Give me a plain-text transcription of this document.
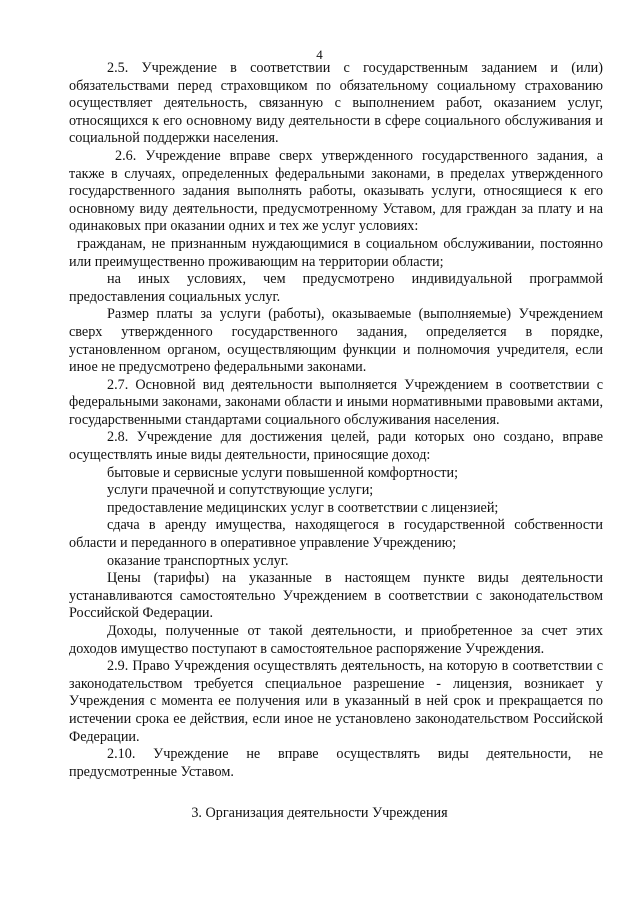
4

2.5. Учреждение в соответствии с государственным заданием и (или) обязательствами перед страховщиком по обязательному социальному страхованию осуществляет деятельность, связанную с выполнением работ, оказанием услуг, относящихся к его основному виду деятельности в сфере социального обслуживания и социальной поддержки населения.

2.6. Учреждение вправе сверх утвержденного государственного задания, а также в случаях, определенных федеральными законами, в пределах утвержденного государственного задания выполнять работы, оказывать услуги, относящиеся к его основному виду деятельности, предусмотренному Уставом, для граждан за плату и на одинаковых при оказании одних и тех же услуг условиях:

гражданам, не признанным нуждающимися в социальном обслуживании, постоянно или преимущественно проживающим на территории области;

на иных условиях, чем предусмотрено индивидуальной программой предоставления социальных услуг.

Размер платы за услуги (работы), оказываемые (выполняемые) Учреждением сверх утвержденного государственного задания, определяется в порядке, установленном органом, осуществляющим функции и полномочия учредителя, если иное не предусмотрено федеральными законами.

2.7. Основной вид деятельности выполняется Учреждением в соответствии с федеральными законами, законами области и иными нормативными правовыми актами, государственными стандартами социального обслуживания населения.

2.8. Учреждение для достижения целей, ради которых оно создано, вправе осуществлять иные виды деятельности, приносящие доход:

бытовые и сервисные услуги повышенной комфортности;

услуги прачечной и сопутствующие услуги;

предоставление медицинских услуг в соответствии с лицензией;

сдача в аренду имущества, находящегося в государственной собственности области и переданного в оперативное управление Учреждению;

оказание транспортных услуг.

Цены (тарифы) на указанные в настоящем пункте виды деятельности устанавливаются самостоятельно Учреждением в соответствии с законодательством Российской Федерации.

Доходы, полученные от такой деятельности, и приобретенное за счет этих доходов имущество поступают в самостоятельное распоряжение Учреждения.

2.9. Право Учреждения осуществлять деятельность, на которую в соответствии с законодательством требуется специальное разрешение - лицензия, возникает у Учреждения с момента ее получения или в указанный в ней срок и прекращается по истечении срока ее действия, если иное не установлено законодательством Российской Федерации.

2.10. Учреждение не вправе осуществлять виды деятельности, не предусмотренные Уставом.

3. Организация деятельности Учреждения
